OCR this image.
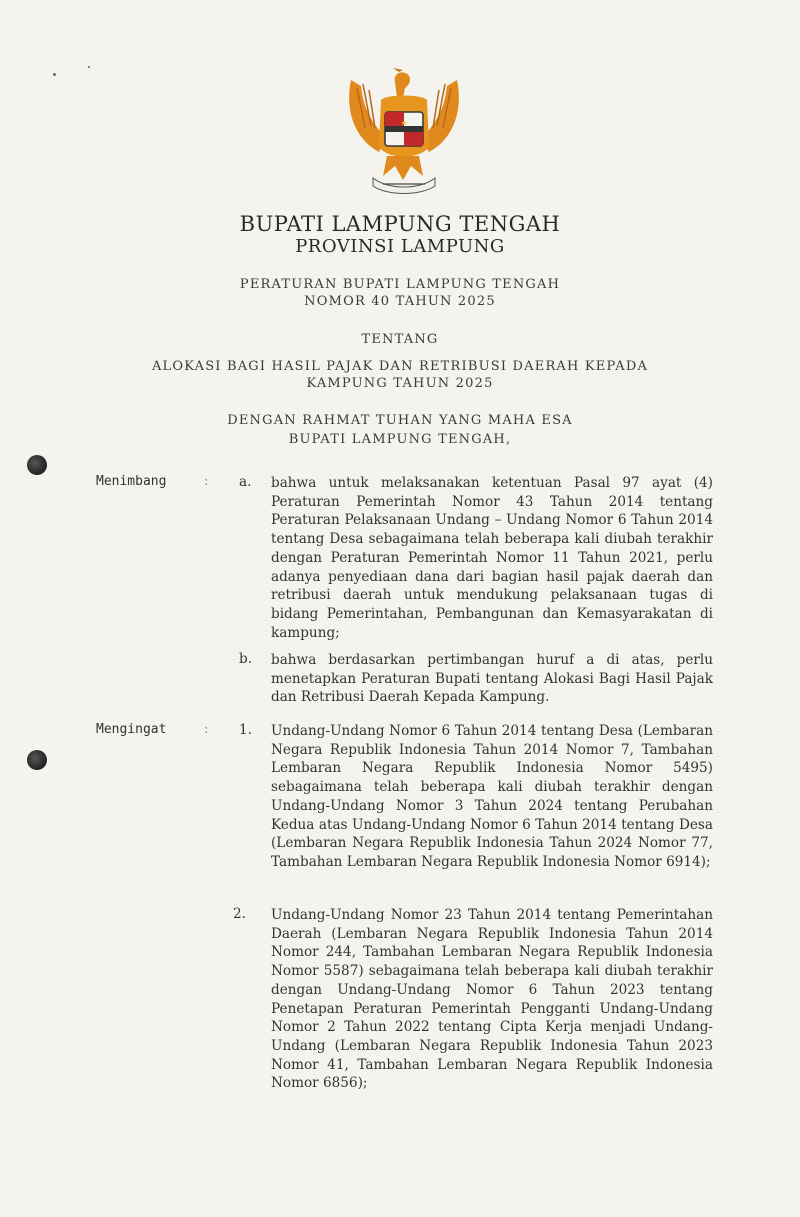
BUPATI LAMPUNG TENGAH
PROVINSI LAMPUNG
PERATURAN BUPATI LAMPUNG TENGAH
NOMOR 40 TAHUN 2025
TENTANG
ALOKASI BAGI HASIL PAJAK DAN RETRIBUSI DAERAH KEPADA
KAMPUNG TAHUN 2025
DENGAN RAHMAT TUHAN YANG MAHA ESA
BUPATI LAMPUNG TENGAH,
Menimbang	: a. bahwa untuk melaksanakan ketentuan Pasal 97 ayat (4) Peraturan Pemerintah Nomor 43 Tahun 2014 tentang Peraturan Pelaksanaan Undang – Undang Nomor 6 Tahun 2014 tentang Desa sebagaimana telah beberapa kali diubah terakhir dengan Peraturan Pemerintah Nomor 11 Tahun 2021, perlu adanya penyediaan dana dari bagian hasil pajak daerah dan retribusi daerah untuk mendukung pelaksanaan tugas di bidang Pemerintahan, Pembangunan dan Kemasyarakatan di kampung;
b. bahwa berdasarkan pertimbangan huruf a di atas, perlu menetapkan Peraturan Bupati tentang Alokasi Bagi Hasil Pajak dan Retribusi Daerah Kepada Kampung.
Mengingat	: 1. Undang-Undang Nomor 6 Tahun 2014 tentang Desa (Lembaran Negara Republik Indonesia Tahun 2014 Nomor 7, Tambahan Lembaran Negara Republik Indonesia Nomor 5495) sebagaimana telah beberapa kali diubah terakhir dengan Undang-Undang Nomor 3 Tahun 2024 tentang Perubahan Kedua atas Undang-Undang Nomor 6 Tahun 2014 tentang Desa (Lembaran Negara Republik Indonesia Tahun 2024 Nomor 77, Tambahan Lembaran Negara Republik Indonesia Nomor 6914);
2. Undang-Undang Nomor 23 Tahun 2014 tentang Pemerintahan Daerah (Lembaran Negara Republik Indonesia Tahun 2014 Nomor 244, Tambahan Lembaran Negara Republik Indonesia Nomor 5587) sebagaimana telah beberapa kali diubah terakhir dengan Undang-Undang Nomor 6 Tahun 2023 tentang Penetapan Peraturan Pemerintah Pengganti Undang-Undang Nomor 2 Tahun 2022 tentang Cipta Kerja menjadi Undang-Undang (Lembaran Negara Republik Indonesia Tahun 2023 Nomor 41, Tambahan Lembaran Negara Republik Indonesia Nomor 6856);
